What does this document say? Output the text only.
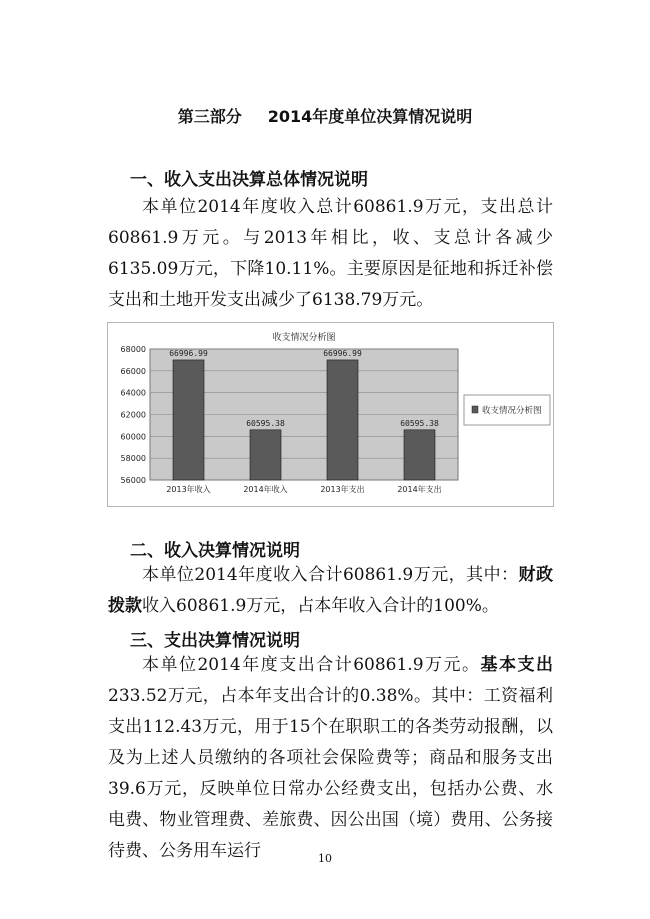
第三部分 2014年度单位决算情况说明
一、收入支出决算总体情况说明

本单位2014年度收入总计60861.9万元，支出总计60861.9万元。与2013年相比，收、支总计各减少6135.09万元，下降10.11%。主要原因是征地和拆迁补偿支出和土地开发支出减少了6138.79万元。

收支情况分析图
56000
58000
60000
62000
64000
66000
68000	66996.99
2013年收入
60595.38
2014年收入
66996.99
2013年支出
60595.38
2014年支出
收支情况分析图
二、收入决算情况说明

本单位2014年度收入合计60861.9万元，其中：财政拨款收入60861.9万元，占本年收入合计的100%。

三、支出决算情况说明

本单位2014年度支出合计60861.9万元。基本支出233.52万元，占本年支出合计的0.38%。其中：工资福利支出112.43万元，用于15个在职职工的各类劳动报酬，以及为上述人员缴纳的各项社会保险费等；商品和服务支出39.6万元，反映单位日常办公经费支出，包括办公费、水电费、物业管理费、差旅费、因公出国（境）费用、公务接待费、公务用车运行	10
